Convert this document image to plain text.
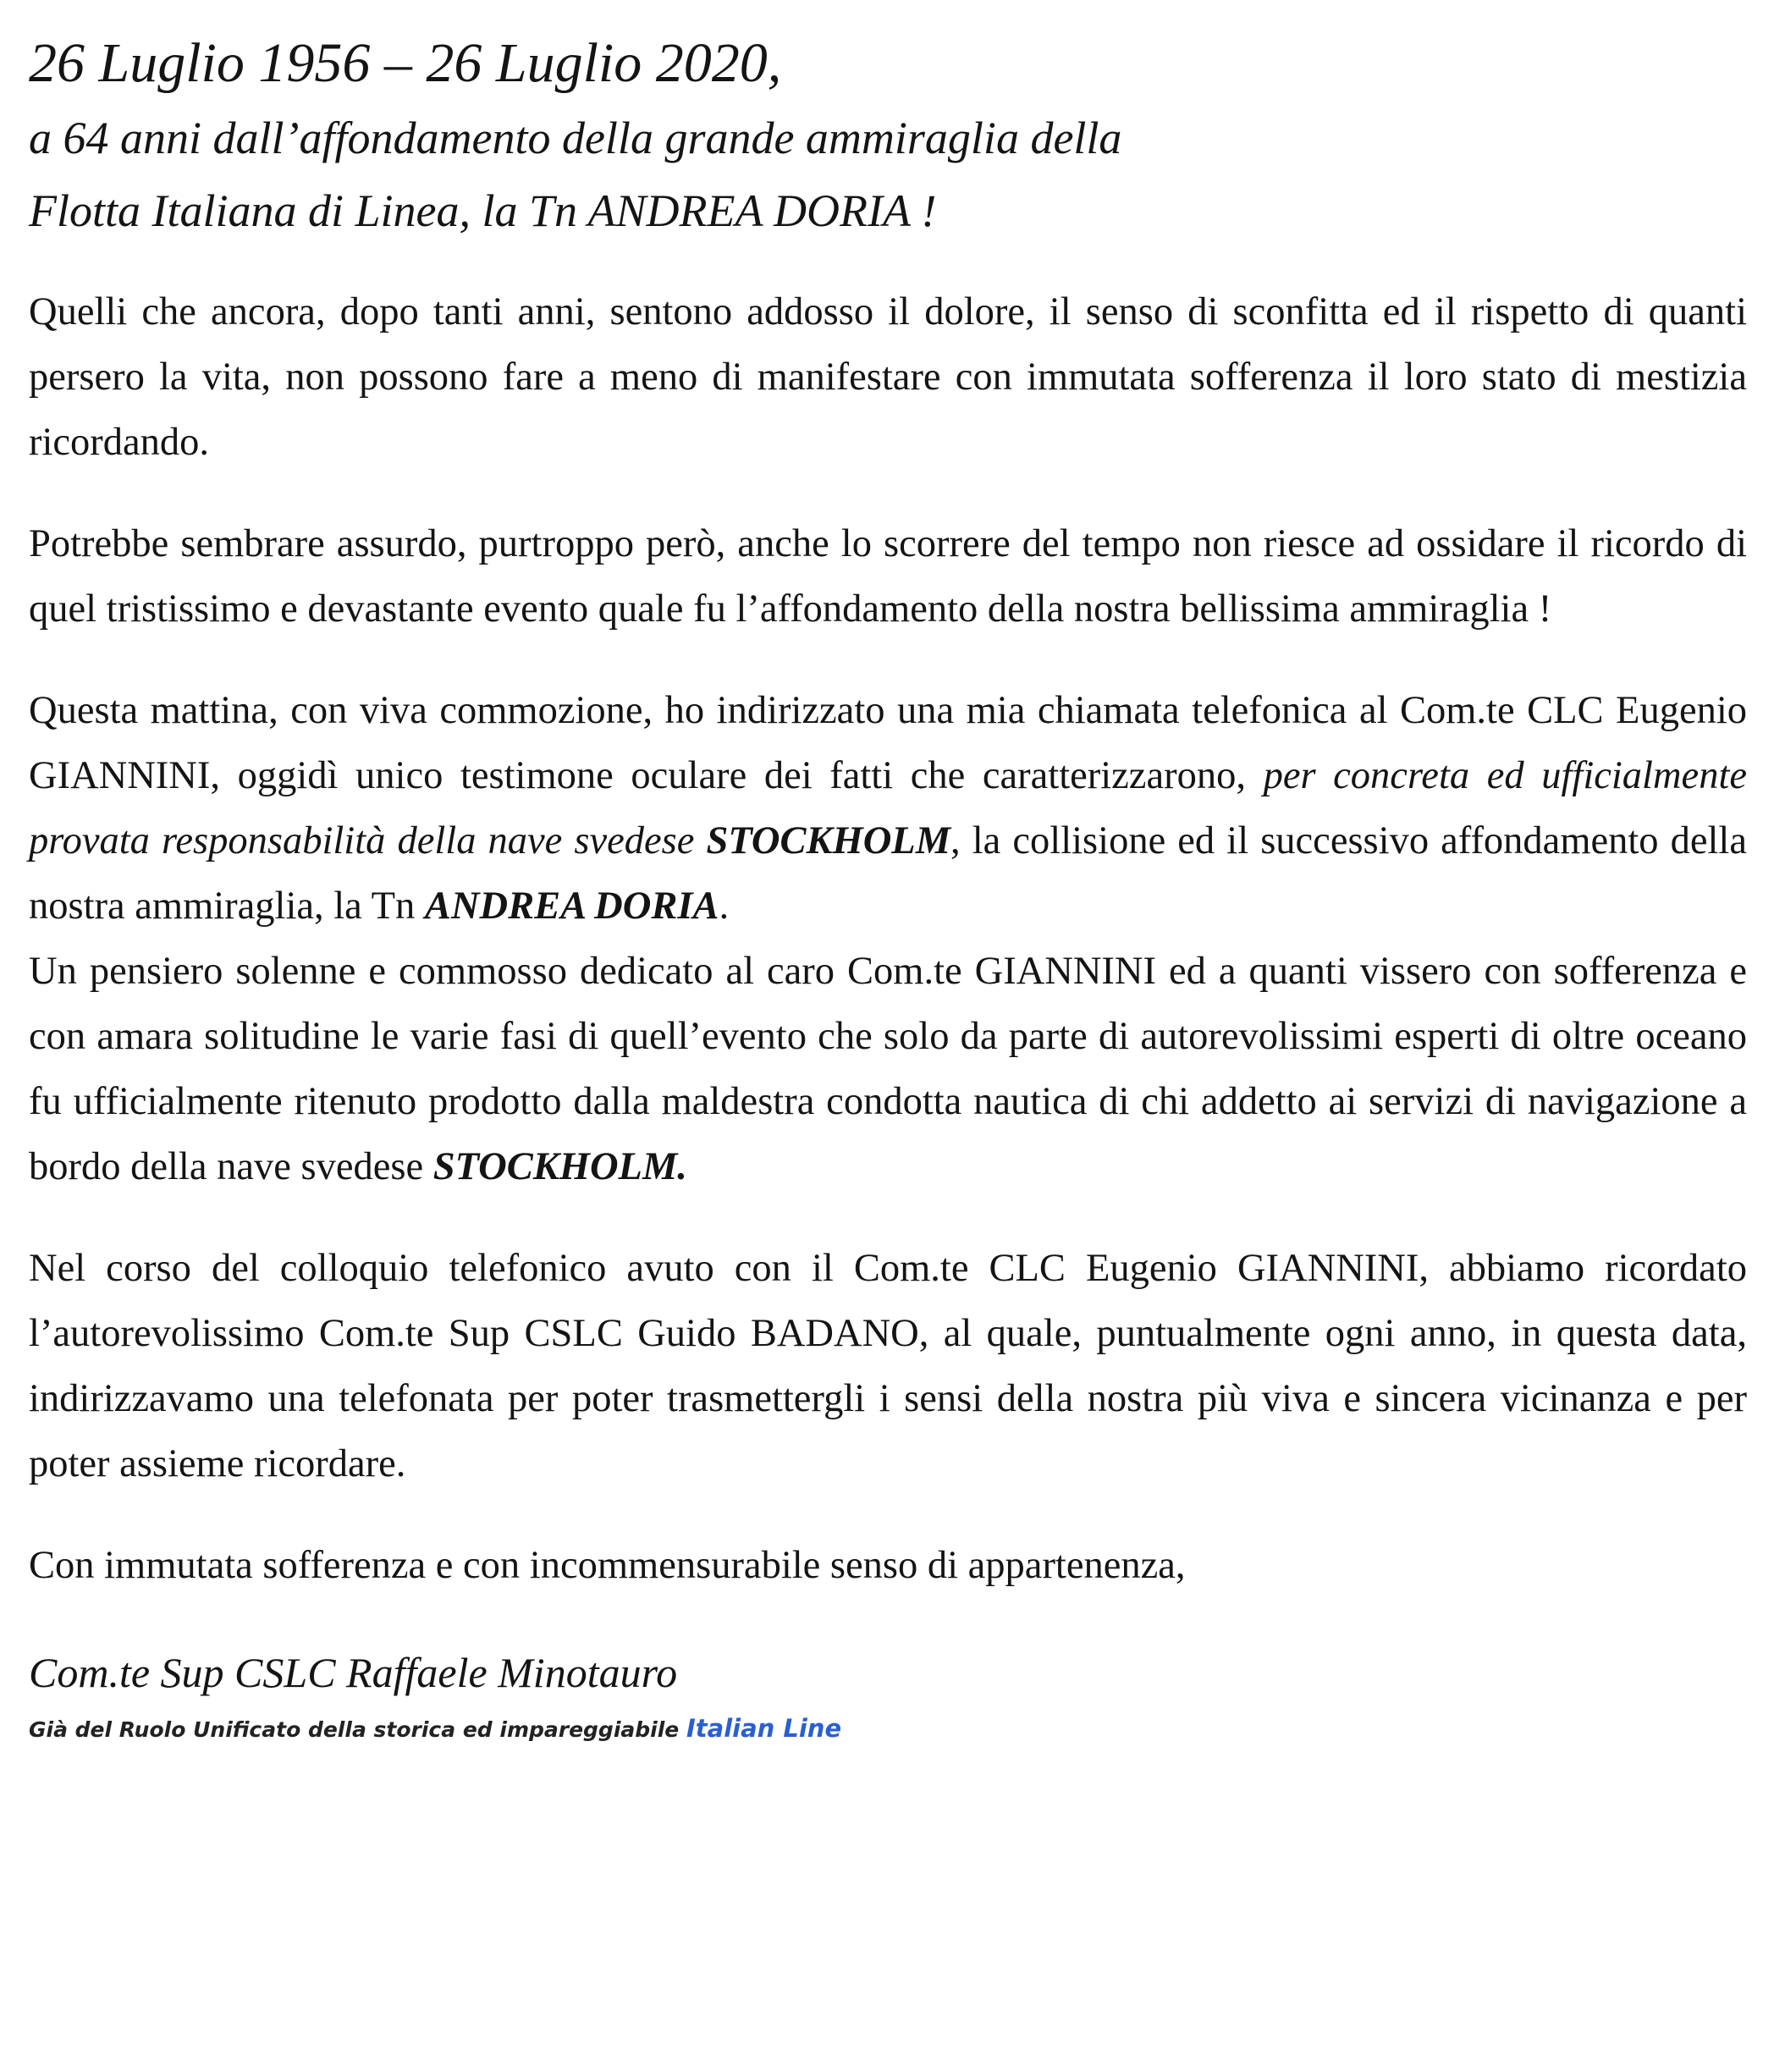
26 Luglio 1956 – 26 Luglio 2020,
a 64 anni dall’affondamento della grande ammiraglia della
Flotta Italiana di Linea, la Tn ANDREA DORIA !

Quelli che ancora, dopo tanti anni, sentono addosso il dolore, il senso di sconfitta ed il rispetto di quanti persero la vita, non possono fare a meno di manifestare con immutata sofferenza il loro stato di mestizia ricordando.

Potrebbe sembrare assurdo, purtroppo però, anche lo scorrere del tempo non riesce ad ossidare il ricordo di quel tristissimo e devastante evento quale fu l’affondamento della nostra bellissima ammiraglia !

Questa mattina, con viva commozione, ho indirizzato una mia chiamata telefonica al Com.te CLC Eugenio GIANNINI, oggidì unico testimone oculare dei fatti che caratterizzarono, per concreta ed ufficialmente provata responsabilità della nave svedese STOCKHOLM, la collisione ed il successivo affondamento della nostra ammiraglia, la Tn ANDREA DORIA.

Un pensiero solenne e commosso dedicato al caro Com.te GIANNINI ed a quanti vissero con sofferenza e con amara solitudine le varie fasi di quell’evento che solo da parte di autorevolissimi esperti di oltre oceano fu ufficialmente ritenuto prodotto dalla maldestra condotta nautica di chi addetto ai servizi di navigazione a bordo della nave svedese STOCKHOLM.

Nel corso del colloquio telefonico avuto con il Com.te CLC Eugenio GIANNINI, abbiamo ricordato l’autorevolissimo Com.te Sup CSLC Guido BADANO, al quale, puntualmente ogni anno, in questa data, indirizzavamo una telefonata per poter trasmettergli i sensi della nostra più viva e sincera vicinanza e per poter assieme ricordare.

Con immutata sofferenza e con incommensurabile senso di appartenenza,

Com.te Sup CSLC Raffaele Minotauro
Già del Ruolo Unificato della storica ed impareggiabile Italian Line
